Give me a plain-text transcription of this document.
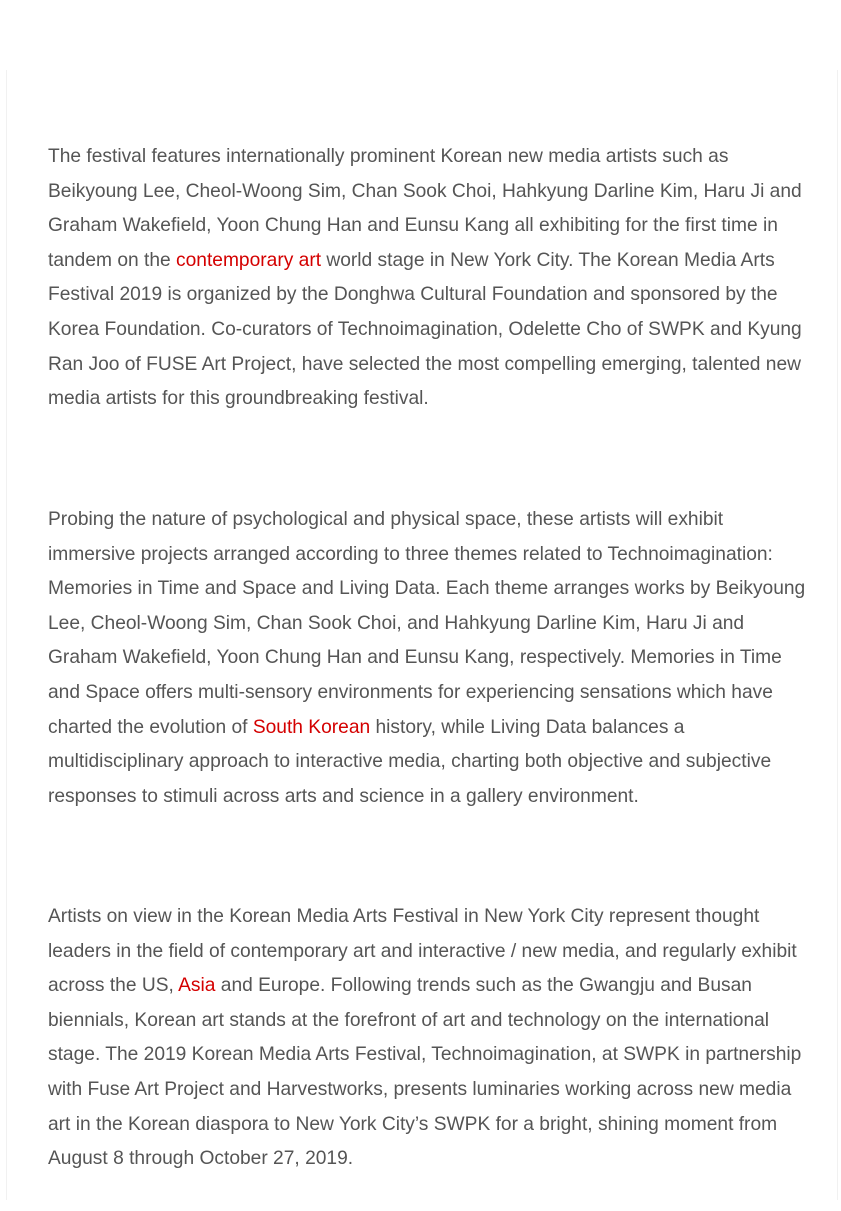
The festival features internationally prominent Korean new media artists such as Beikyoung Lee, Cheol-Woong Sim, Chan Sook Choi, Hahkyung Darline Kim, Haru Ji and Graham Wakefield, Yoon Chung Han and Eunsu Kang all exhibiting for the first time in tandem on the contemporary art world stage in New York City. The Korean Media Arts Festival 2019 is organized by the Donghwa Cultural Foundation and sponsored by the Korea Foundation. Co-curators of Technoimagination, Odelette Cho of SWPK and Kyung Ran Joo of FUSE Art Project, have selected the most compelling emerging, talented new media artists for this groundbreaking festival.

Probing the nature of psychological and physical space, these artists will exhibit immersive projects arranged according to three themes related to Technoimagination: Memories in Time and Space and Living Data. Each theme arranges works by Beikyoung Lee, Cheol-Woong Sim, Chan Sook Choi, and Hahkyung Darline Kim, Haru Ji and Graham Wakefield, Yoon Chung Han and Eunsu Kang, respectively. Memories in Time and Space offers multi-sensory environments for experiencing sensations which have charted the evolution of South Korean history, while Living Data balances a multidisciplinary approach to interactive media, charting both objective and subjective responses to stimuli across arts and science in a gallery environment.

Artists on view in the Korean Media Arts Festival in New York City represent thought leaders in the field of contemporary art and interactive / new media, and regularly exhibit across the US, Asia and Europe. Following trends such as the Gwangju and Busan biennials, Korean art stands at the forefront of art and technology on the international stage. The 2019 Korean Media Arts Festival, Technoimagination, at SWPK in partnership with Fuse Art Project and Harvestworks, presents luminaries working across new media art in the Korean diaspora to New York City’s SWPK for a bright, shining moment from August 8 through October 27, 2019.
